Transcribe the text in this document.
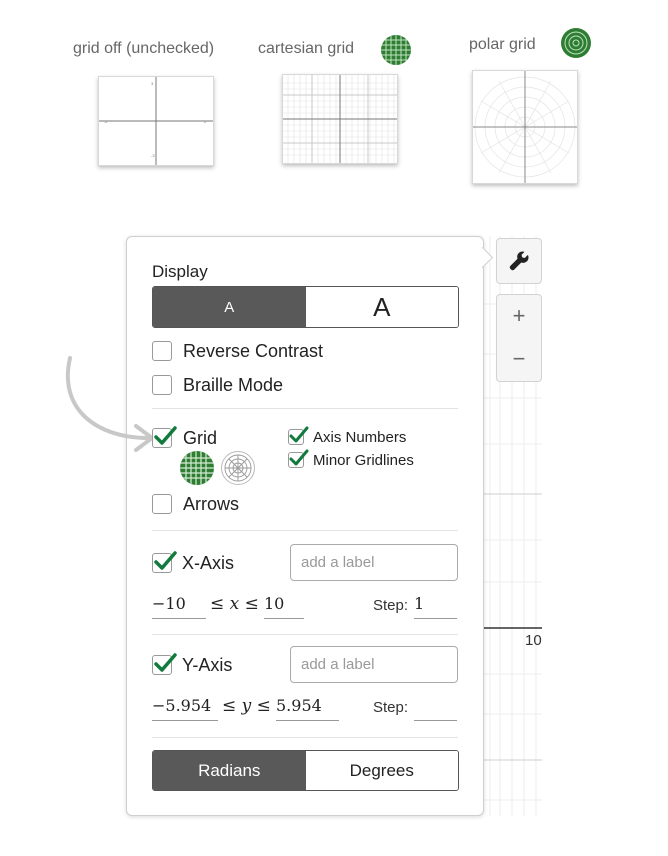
grid off (unchecked)
-2	2
3
-3
cartesian grid	polar grid
10
+
−
Display
A	A
Reverse Contrast
Braille Mode
Grid	Axis Numbers
Minor Gridlines
Arrows
X-Axis	add a label
−10	≤ x ≤ 10	Step: 1
Y-Axis	add a label
−5.954 ≤ y ≤ 5.954	Step:
Radians	Degrees
